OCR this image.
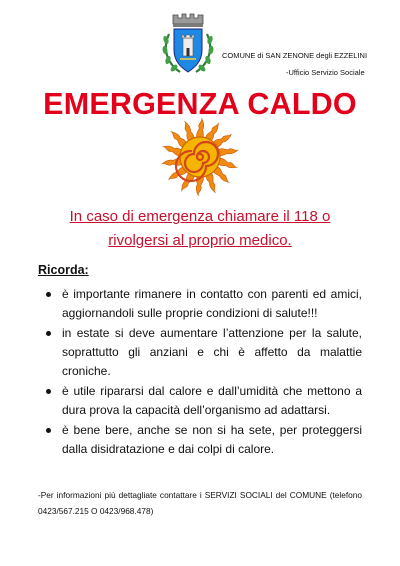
COMUNE di SAN ZENONE degli EZZELINI
-Ufficio Servizio Sociale
EMERGENZA CALDO
In caso di emergenza chiamare il 118 o
rivolgersi al proprio medico.
Ricorda:
è importante rimanere in contatto con parenti ed amici, aggiornandoli sulle proprie condizioni di salute!!!
in estate si deve aumentare l’attenzione per la salute, soprattutto gli anziani e chi è affetto da malattie croniche.
è utile ripararsi dal calore e dall’umidità che mettono a dura prova la capacità dell’organismo ad adattarsi.
è bene bere, anche se non si ha sete, per proteggersi dalla disidratazione e dai colpi di calore.
-Per informazioni più dettagliate contattare i SERVIZI SOCIALI del COMUNE (telefono 0423/567.215 O 0423/968.478)
